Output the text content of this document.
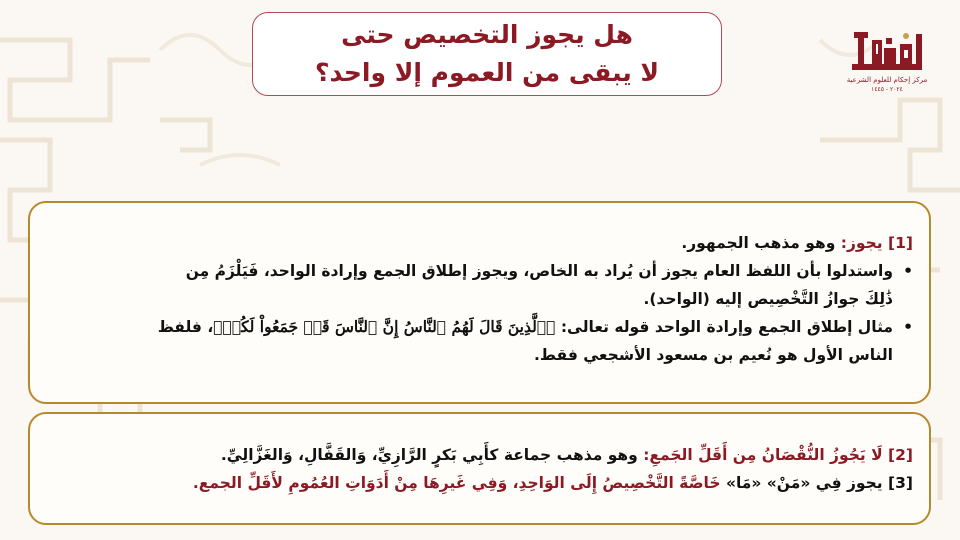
هل يجوز التخصيص حتى
لا يبقى من العموم إلا واحد؟	مركز إحكام للعلوم الشرعية
٢٠٢٤ - ١٤٤٥
[1] يجوز: وهو مذهب الجمهور.
•
واستدلوا بأن اللفظ العام يجوز أن يُراد به الخاص، ويجوز إطلاق الجمع وإرادة الواحد، فَيَلْزَمُ مِن
ذَٰلِكَ جوازُ التَّخْصِيص إليه (الواحد).
•
مثال إطلاق الجمع وإرادة الواحد قوله تعالى: ﴿ٱلَّذِينَ قَالَ لَهُمُ ٱلنَّاسُ إِنَّ ٱلنَّاسَ قَدۡ جَمَعُواْ لَكُمۡ﴾، فلفظ
الناس الأول هو نُعيم بن مسعود الأشجعي فقط.
[2] لَا يَجُوزُ النُّقْصَانُ مِن أَقَلِّ الجَمعِ: وهو مذهب جماعة كأَبِي بَكرٍ الرَّازِيِّ، وَالقَفَّالِ، وَالغَزَّالِيِّ.
[3] يجوز فِي «مَنْ» «مَا» خَاصَّةً التَّخْصِيصُ إِلَى الوَاحِدِ، وَفِي غَيرِهَا مِنْ أَدَوَاتِ العُمُومِ لأَقَلِّ الجمع.
